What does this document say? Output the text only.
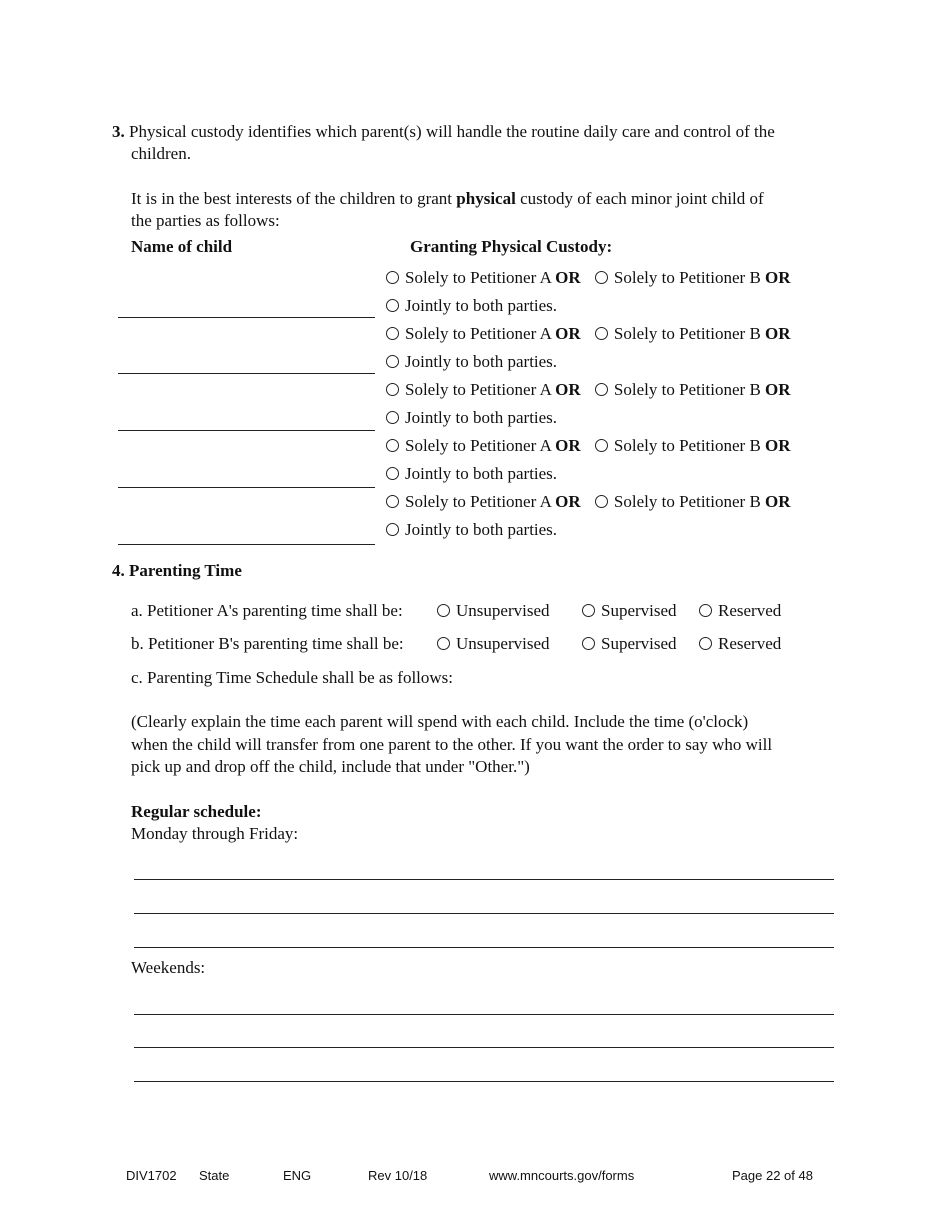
3. Physical custody identifies which parent(s) will handle the routine daily care and control of the
children.
It is in the best interests of the children to grant physical custody of each minor joint child of
the parties as follows:
Name of child	Granting Physical Custody:
Solely to Petitioner A OR Solely to Petitioner B OR
Jointly to both parties.
Solely to Petitioner A OR Solely to Petitioner B OR
Jointly to both parties.
Solely to Petitioner A OR Solely to Petitioner B OR
Jointly to both parties.
Solely to Petitioner A OR Solely to Petitioner B OR
Jointly to both parties.
Solely to Petitioner A OR Solely to Petitioner B OR
Jointly to both parties.
4. Parenting Time
a. Petitioner A's parenting time shall be:	Unsupervised	Supervised	Reserved
b. Petitioner B's parenting time shall be:	Unsupervised	Supervised	Reserved
c. Parenting Time Schedule shall be as follows:
(Clearly explain the time each parent will spend with each child. Include the time (o'clock)
when the child will transfer from one parent to the other. If you want the order to say who will
pick up and drop off the child, include that under "Other.")
Regular schedule:
Monday through Friday:
Weekends:
DIV1702 State	ENG	Rev 10/18	www.mncourts.gov/forms	Page 22 of 48
